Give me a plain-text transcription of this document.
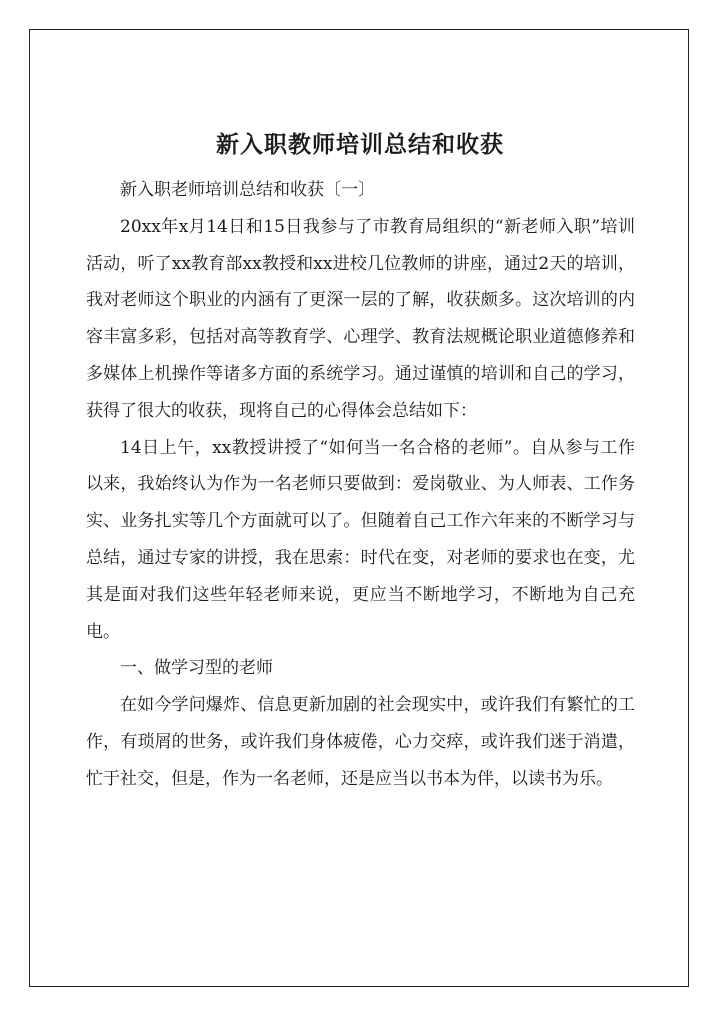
新入职教师培训总结和收获

新入职老师培训总结和收获〔一〕

20xx年x月14日和15日我参与了市教育局组织的“新老师入职”培训活动，听了xx教育部xx教授和xx进校几位教师的讲座，通过2天的培训，我对老师这个职业的内涵有了更深一层的了解，收获颇多。这次培训的内容丰富多彩，包括对高等教育学、心理学、教育法规概论职业道德修养和多媒体上机操作等诸多方面的系统学习。通过谨慎的培训和自己的学习，获得了很大的收获，现将自己的心得体会总结如下：

14日上午，xx教授讲授了“如何当一名合格的老师”。自从参与工作以来，我始终认为作为一名老师只要做到：爱岗敬业、为人师表、工作务实、业务扎实等几个方面就可以了。但随着自己工作六年来的不断学习与总结，通过专家的讲授，我在思索：时代在变，对老师的要求也在变，尤其是面对我们这些年轻老师来说，更应当不断地学习，不断地为自己充电。

一、做学习型的老师

在如今学问爆炸、信息更新加剧的社会现实中，或许我们有繁忙的工作，有琐屑的世务，或许我们身体疲倦，心力交瘁，或许我们迷于消遣，忙于社交，但是，作为一名老师，还是应当以书本为伴，以读书为乐。
